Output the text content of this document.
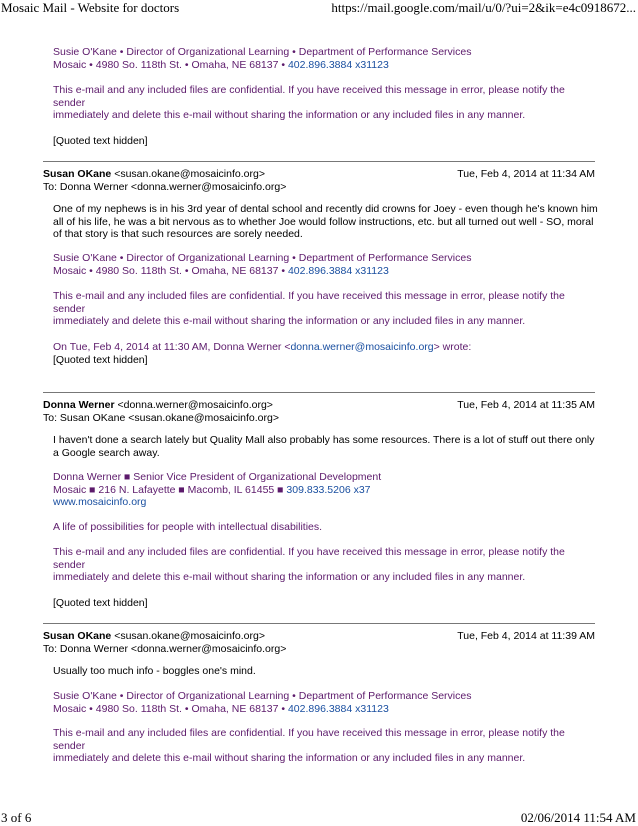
Mosaic Mail - Website for doctors	https://mail.google.com/mail/u/0/?ui=2&ik=e4c0918672...
Susie O'Kane • Director of Organizational Learning • Department of Performance Services
Mosaic • 4980 So. 118th St. • Omaha, NE 68137 • 402.896.3884 x31123
This e-mail and any included files are confidential. If you have received this message in error, please notify the sender
immediately and delete this e-mail without sharing the information or any included files in any manner.
[Quoted text hidden]
Susan OKane <susan.okane@mosaicinfo.org>
To: Donna Werner <donna.werner@mosaicinfo.org>
Tue, Feb 4, 2014 at 11:34 AM
One of my nephews is in his 3rd year of dental school and recently did crowns for Joey - even though he's known him
all of his life, he was a bit nervous as to whether Joe would follow instructions, etc. but all turned out well - SO, moral
of that story is that such resources are sorely needed.
Susie O'Kane • Director of Organizational Learning • Department of Performance Services
Mosaic • 4980 So. 118th St. • Omaha, NE 68137 • 402.896.3884 x31123
This e-mail and any included files are confidential. If you have received this message in error, please notify the sender
immediately and delete this e-mail without sharing the information or any included files in any manner.
On Tue, Feb 4, 2014 at 11:30 AM, Donna Werner <donna.werner@mosaicinfo.org> wrote:
[Quoted text hidden]
Donna Werner <donna.werner@mosaicinfo.org>
To: Susan OKane <susan.okane@mosaicinfo.org>
Tue, Feb 4, 2014 at 11:35 AM
I haven't done a search lately but Quality Mall also probably has some resources. There is a lot of stuff out there only
a Google search away.
Donna Werner ■ Senior Vice President of Organizational Development
Mosaic ■ 216 N. Lafayette ■ Macomb, IL 61455 ■ 309.833.5206 x37
www.mosaicinfo.org
A life of possibilities for people with intellectual disabilities.
This e-mail and any included files are confidential. If you have received this message in error, please notify the sender
immediately and delete this e-mail without sharing the information or any included files in any manner.
[Quoted text hidden]
Susan OKane <susan.okane@mosaicinfo.org>
To: Donna Werner <donna.werner@mosaicinfo.org>
Tue, Feb 4, 2014 at 11:39 AM
Usually too much info - boggles one's mind.
Susie O'Kane • Director of Organizational Learning • Department of Performance Services
Mosaic • 4980 So. 118th St. • Omaha, NE 68137 • 402.896.3884 x31123
This e-mail and any included files are confidential. If you have received this message in error, please notify the sender
immediately and delete this e-mail without sharing the information or any included files in any manner.
3 of 6	02/06/2014 11:54 AM
